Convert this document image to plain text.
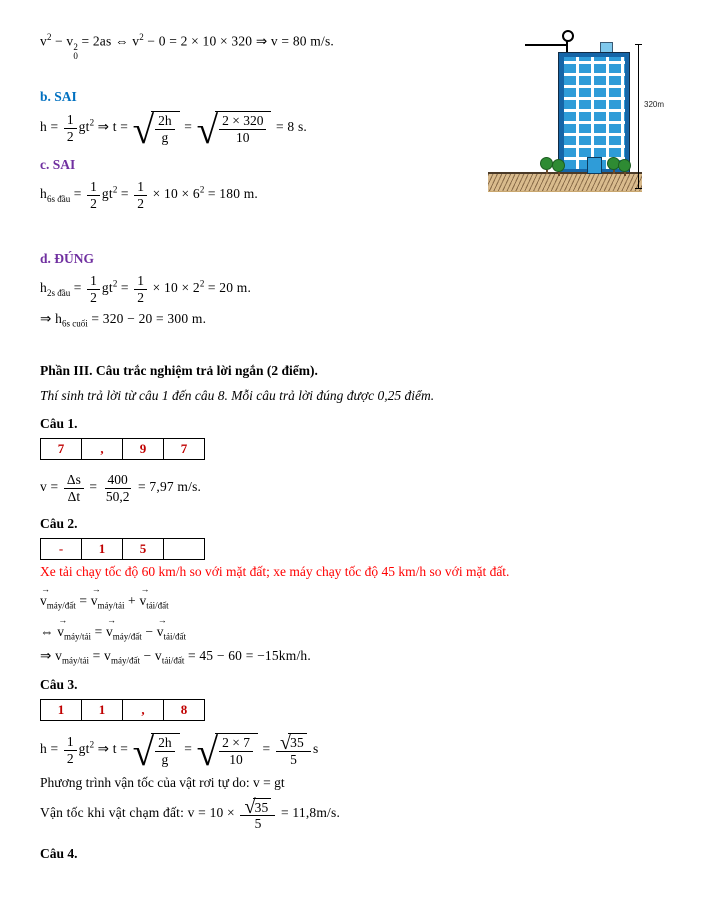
$v^2 - v$ 2
0
= 2as ⇔ $v^2 - 0 = 2 \times 10 \times 320$ ⇒ v = 80 m/s.
b. SAI
$h = \frac{1}{2} gt^2$ ⇒ t = √ 2h
g
= √ 2 × 320
10
= 8 s.
c. SAI
$h_{6s đầu} = \frac{1}{2} gt^2 = \frac{1}{2} \times 10 \times 6^2 = 180$ m.
d. ĐÚNG
$h_{2s đầu} = \frac{1}{2} gt^2 = \frac{1}{2} \times 10 \times 2^2 = 20$ m.
⇒ $h_{6s cuối} = 320 - 20 = 300$ m.
Phần III. Câu trắc nghiệm trả lời ngắn (2 điểm).
Thí sinh trả lời từ câu 1 đến câu 8. Mỗi câu trả lời đúng được 0,25 điểm.
Câu 1.
7	,	9	7
$v = \frac{\Delta s}{\Delta t} = \frac{400}{50,2} = 7,97$ m/s.
Câu 2.
-	1	5
Xe tải chạy tốc độ 60 km/h so với mặt đất; xe máy chạy tốc độ 45 km/h so với mặt đất.
→
$v_{máy/đất}$ =
→
$v_{máy/tải}$ +
→
$v_{tải/đất}$
⇔
→
$v_{máy/tải}$ =
→
$v_{máy/đất}$ −
→
$v_{tải/đất}$
⇒ $v_{máy/tải} = v_{máy/đất} - v_{tải/đất} = 45 - 60 = -15km/h$.
Câu 3.
1	1	,	8
$h = \frac{1}{2} gt^2$ ⇒ t = √ 2h
g
= √ 2 × 7
10
= $\frac{√ 35}{5}$ s
Phương trình vận tốc của vật rơi tự do: v = gt
Vận tốc khi vật chạm đất: $v = 10 \times \frac{√ 35}{5} = 11,8m/s$.
Câu 4.
320m
